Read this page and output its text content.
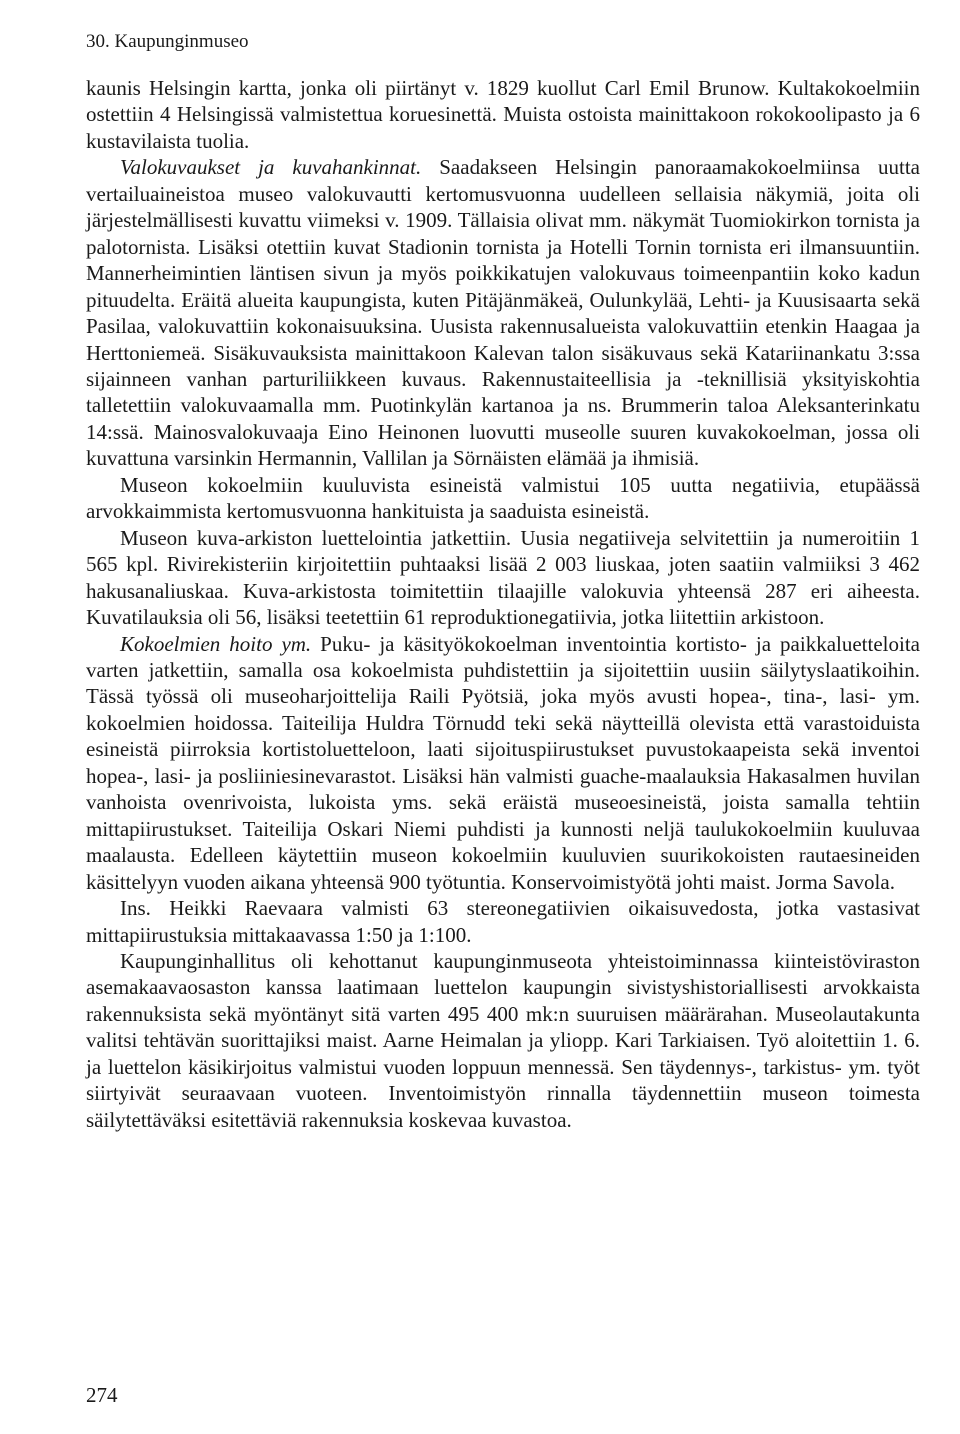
30. Kaupunginmuseo

kaunis Helsingin kartta, jonka oli piirtänyt v. 1829 kuollut Carl Emil Brunow. Kultakokoelmiin ostettiin 4 Helsingissä valmistettua koruesinettä. Muista ostoista mainittakoon rokokoolipasto ja 6 kustavilaista tuolia.

Valokuvaukset ja kuvahankinnat. Saadakseen Helsingin panoraamakokoelmiinsa uutta vertailuaineistoa museo valokuvautti kertomusvuonna uudelleen sellaisia näkymiä, joita oli järjestelmällisesti kuvattu viimeksi v. 1909. Tällaisia olivat mm. näkymät Tuomiokirkon tornista ja palotornista. Lisäksi otettiin kuvat Stadionin tornista ja Hotelli Tornin tornista eri ilmansuuntiin. Mannerheimintien läntisen sivun ja myös poikkikatujen valokuvaus toimeenpantiin koko kadun pituudelta. Eräitä alueita kaupungista, kuten Pitäjänmäkeä, Oulunkylää, Lehti- ja Kuusisaarta sekä Pasilaa, valokuvattiin kokonaisuuksina. Uusista rakennusalueista valokuvattiin etenkin Haagaa ja Herttoniemeä. Sisäkuvauksista mainittakoon Kalevan talon sisäkuvaus sekä Katariinankatu 3:ssa sijainneen vanhan parturiliikkeen kuvaus. Rakennustaiteellisia ja -teknillisiä yksityiskohtia talletettiin valokuvaamalla mm. Puotinkylän kartanoa ja ns. Brummerin taloa Aleksanterinkatu 14:ssä. Mainosvalokuvaaja Eino Heinonen luovutti museolle suuren kuvakokoelman, jossa oli kuvattuna varsinkin Hermannin, Vallilan ja Sörnäisten elämää ja ihmisiä.

Museon kokoelmiin kuuluvista esineistä valmistui 105 uutta negatiivia, etupäässä arvokkaimmista kertomusvuonna hankituista ja saaduista esineistä.

Museon kuva-arkiston luettelointia jatkettiin. Uusia negatiiveja selvitettiin ja numeroitiin 1 565 kpl. Rivirekisteriin kirjoitettiin puhtaaksi lisää 2 003 liuskaa, joten saatiin valmiiksi 3 462 hakusanaliuskaa. Kuva-arkistosta toimitettiin tilaajille valokuvia yhteensä 287 eri aiheesta. Kuvatilauksia oli 56, lisäksi teetettiin 61 reproduktionegatiivia, jotka liitettiin arkistoon.

Kokoelmien hoito ym. Puku- ja käsityökokoelman inventointia kortisto- ja paikkaluetteloita varten jatkettiin, samalla osa kokoelmista puhdistettiin ja sijoitettiin uusiin säilytyslaatikoihin. Tässä työssä oli museoharjoittelija Raili Pyötsiä, joka myös avusti hopea-, tina-, lasi- ym. kokoelmien hoidossa. Taiteilija Huldra Törnudd teki sekä näytteillä olevista että varastoiduista esineistä piirroksia kortistoluetteloon, laati sijoituspiirustukset puvustokaapeista sekä inventoi hopea-, lasi- ja posliiniesinevarastot. Lisäksi hän valmisti guache-maalauksia Hakasalmen huvilan vanhoista ovenrivoista, lukoista yms. sekä eräistä museoesineistä, joista samalla tehtiin mittapiirustukset. Taiteilija Oskari Niemi puhdisti ja kunnosti neljä taulukokoelmiin kuuluvaa maalausta. Edelleen käytettiin museon kokoelmiin kuuluvien suurikokoisten rautaesineiden käsittelyyn vuoden aikana yhteensä 900 työtuntia. Konservoimistyötä johti maist. Jorma Savola.

Ins. Heikki Raevaara valmisti 63 stereonegatiivien oikaisuvedosta, jotka vastasivat mittapiirustuksia mittakaavassa 1:50 ja 1:100.

Kaupunginhallitus oli kehottanut kaupunginmuseota yhteistoiminnassa kiinteistöviraston asemakaavaosaston kanssa laatimaan luettelon kaupungin sivistyshistoriallisesti arvokkaista rakennuksista sekä myöntänyt sitä varten 495 400 mk:n suuruisen määrärahan. Museolautakunta valitsi tehtävän suorittajiksi maist. Aarne Heimalan ja yliopp. Kari Tarkiaisen. Työ aloitettiin 1. 6. ja luettelon käsikirjoitus valmistui vuoden loppuun mennessä. Sen täydennys-, tarkistus- ym. työt siirtyivät seuraavaan vuoteen. Inventoimistyön rinnalla täydennettiin museon toimesta säilytettäväksi esitettäviä rakennuksia koskevaa kuvastoa.

274
